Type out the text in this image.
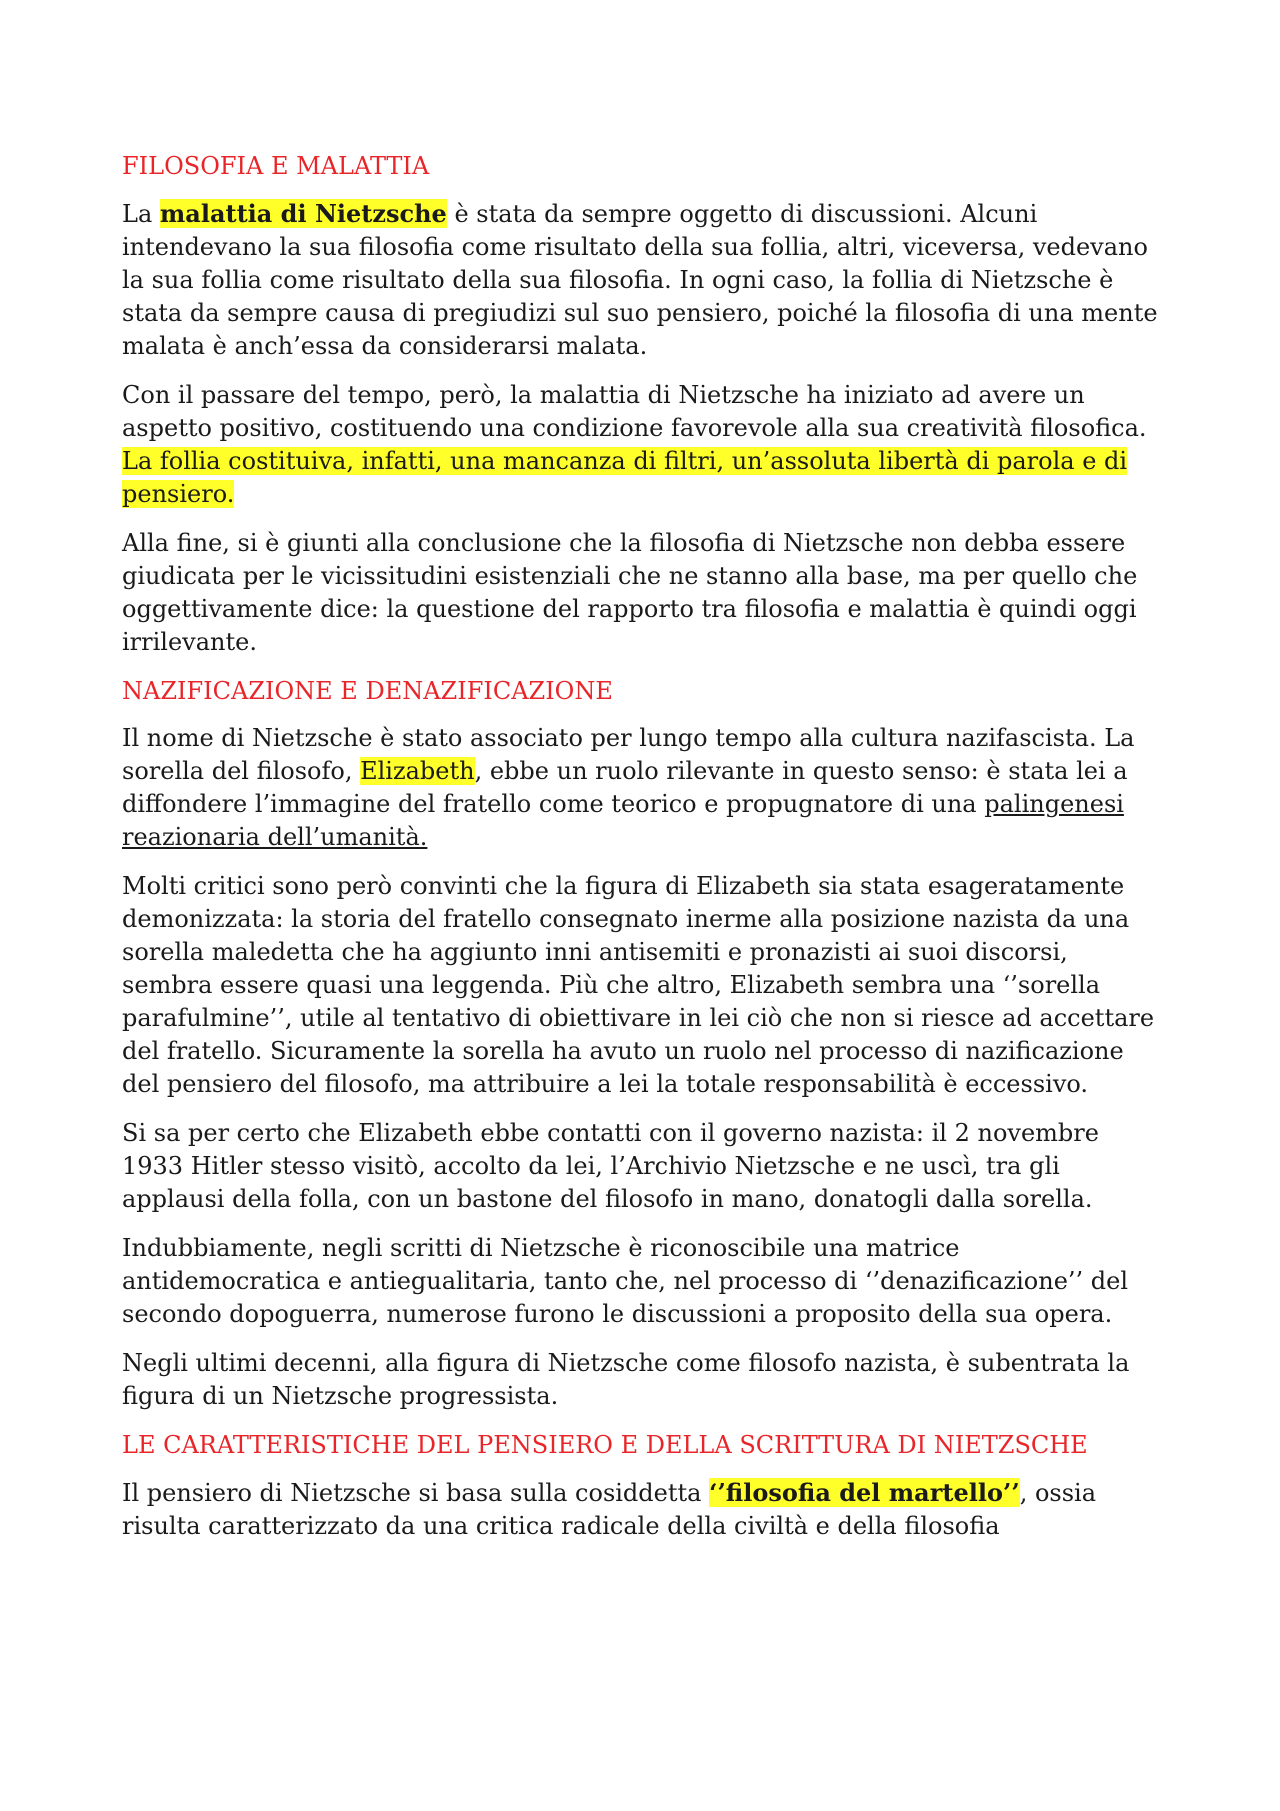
FILOSOFIA E MALATTIA

La malattia di Nietzsche è stata da sempre oggetto di discussioni. Alcuni intendevano la sua filosofia come risultato della sua follia, altri, viceversa, vedevano la sua follia come risultato della sua filosofia. In ogni caso, la follia di Nietzsche è stata da sempre causa di pregiudizi sul suo pensiero, poiché la filosofia di una mente malata è anch’essa da considerarsi malata.

Con il passare del tempo, però, la malattia di Nietzsche ha iniziato ad avere un aspetto positivo, costituendo una condizione favorevole alla sua creatività filosofica. La follia costituiva, infatti, una mancanza di filtri, un’assoluta libertà di parola e di pensiero.

Alla fine, si è giunti alla conclusione che la filosofia di Nietzsche non debba essere giudicata per le vicissitudini esistenziali che ne stanno alla base, ma per quello che oggettivamente dice: la questione del rapporto tra filosofia e malattia è quindi oggi irrilevante.

NAZIFICAZIONE E DENAZIFICAZIONE

Il nome di Nietzsche è stato associato per lungo tempo alla cultura nazifascista. La sorella del filosofo, Elizabeth, ebbe un ruolo rilevante in questo senso: è stata lei a diffondere l’immagine del fratello come teorico e propugnatore di una palingenesi reazionaria dell’umanità.

Molti critici sono però convinti che la figura di Elizabeth sia stata esageratamente demonizzata: la storia del fratello consegnato inerme alla posizione nazista da una sorella maledetta che ha aggiunto inni antisemiti e pronazisti ai suoi discorsi, sembra essere quasi una leggenda. Più che altro, Elizabeth sembra una ‘’sorella parafulmine’’, utile al tentativo di obiettivare in lei ciò che non si riesce ad accettare del fratello. Sicuramente la sorella ha avuto un ruolo nel processo di nazificazione del pensiero del filosofo, ma attribuire a lei la totale responsabilità è eccessivo.

Si sa per certo che Elizabeth ebbe contatti con il governo nazista: il 2 novembre 1933 Hitler stesso visitò, accolto da lei, l’Archivio Nietzsche e ne uscì, tra gli applausi della folla, con un bastone del filosofo in mano, donatogli dalla sorella.

Indubbiamente, negli scritti di Nietzsche è riconoscibile una matrice antidemocratica e antiegualitaria, tanto che, nel processo di ‘’denazificazione’’ del secondo dopoguerra, numerose furono le discussioni a proposito della sua opera.

Negli ultimi decenni, alla figura di Nietzsche come filosofo nazista, è subentrata la figura di un Nietzsche progressista.

LE CARATTERISTICHE DEL PENSIERO E DELLA SCRITTURA DI NIETZSCHE

Il pensiero di Nietzsche si basa sulla cosiddetta ‘’filosofia del martello’’, ossia risulta caratterizzato da una critica radicale della civiltà e della filosofia
